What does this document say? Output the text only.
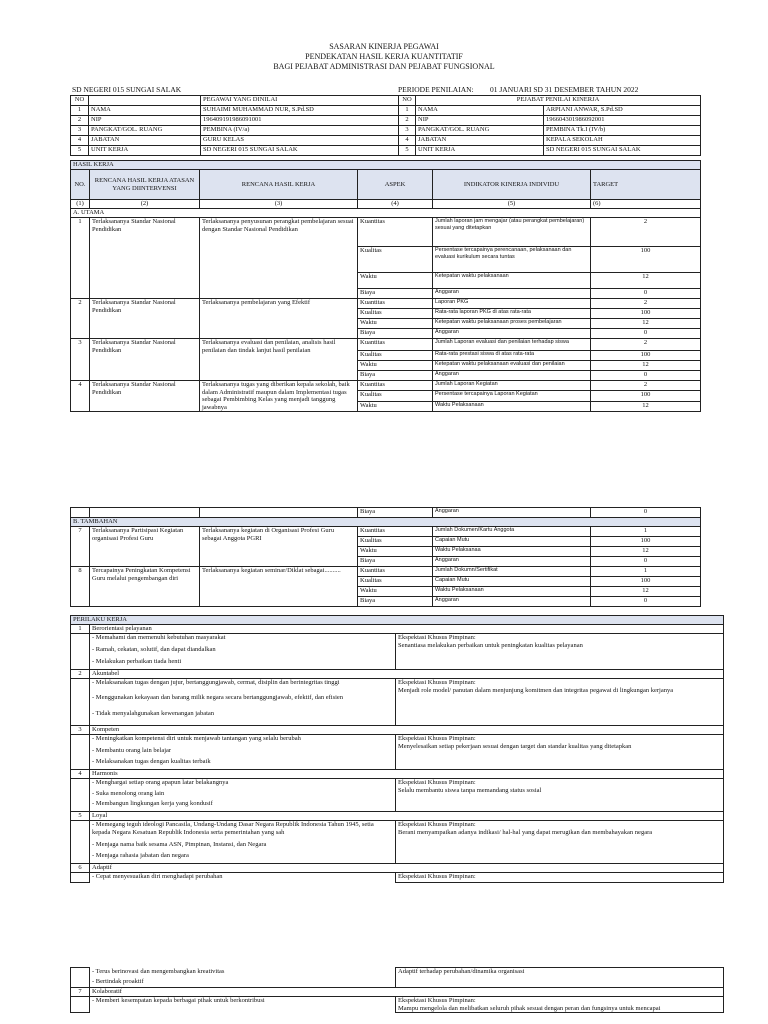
SASARAN KINERJA PEGAWAI
PENDEKATAN HASIL KERJA KUANTITATIF
BAGI PEJABAT ADMINISTRASI DAN PEJABAT FUNGSIONAL
SD NEGERI 015 SUNGAI SALAK	PERIODE PENILAIAN: 01 JANUARI SD 31 DESEMBER TAHUN 2022
NO		PEGAWAI YANG DINILAI	NO	PEJABAT PENILAI KINERJA	
1	NAMA	SUHAIMI MUHAMMAD NUR, S.Pd.SD	1	NAMA	ARPIANI ANWAR, S.Pd.SD
2	NIP	196409191986091001	2	NIP	196604301986092001
3	PANGKAT/GOL. RUANG	PEMBINA (IV/a)	3	PANGKAT/GOL. RUANG	PEMBINA Tk.I (IV/b)
4	JABATAN	GURU KELAS	4	JABATAN	KEPALA SEKOLAH
5	UNIT KERJA	SD NEGERI 015 SUNGAI SALAK	5	UNIT KERJA	SD NEGERI 015 SUNGAI SALAK
HASIL KERJA					
NO.	RENCANA HASIL KERJA ATASAN YANG DIINTERVENSI	RENCANA HASIL KERJA	ASPEK	INDIKATOR KINERJA INDIVIDU	TARGET
(1)	(2)	(3)	(4)	(5)	(6)
A. UTAMA					
1	Terlaksananya Standar Nasional Pendidikan	Terlaksananya penyusunan perangkat pembelajaran sesuai dengan Standar Nasional Pendidikan	Kuantitas	Jumlah laporan jam mengajar (atau perangkat pembelajaran) sesuai yang ditetapkan	2
			Kualitas	Persentase tercapainya perencanaan, pelaksanaan dan evaluasi kurikulum secara tuntas	100
			Waktu	Ketepatan waktu pelaksanaan	12
			Biaya	Anggaran	0
2	Terlaksananya Standar Nasional Pendidikan	Terlaksananya pembelajaran yang Efektif	Kuantitas	Laporan PKG	2
			Kualitas	Rata-rata laporan PKG di atas rata-rata	100
			Waktu	Ketepatan waktu pelaksanaan proses pembelajaran	12
			Biaya	Anggaran	0
3	Terlaksananya Standar Nasional Pendidikan	Terlaksananya evaluasi dan penilaian, analisis hasil penilaian dan tindak lanjut hasil penilaian	Kuantitas	Jumlah Laporan evaluasi dan penilaian terhadap siswa	2
			Kualitas	Rata-rata prestasi siswa di atas rata-rata	100
			Waktu	Ketepatan waktu pelaksanaan evaluasi dan penilaian	12
			Biaya	Anggaran	0
4	Terlaksananya Standar Nasional Pendidikan	Terlaksananya tugas yang diberikan kepala sekolah, baik dalam Administratif maupun dalam Implementasi tugas sebagai Pembimbing Kelas yang menjadi tanggung jawabnya	Kuantitas	Jumlah Laporan Kegiatan	2
			Kualitas	Persentase tercapainya Laporan Kegiatan	100
			Waktu	Waktu Pelaksanaan	12
			Biaya	Anggaran	0
B. TAMBAHAN					
7	Terlaksananya Partisipasi Kegiatan organisasi Profesi Guru	Terlaksananya kegiatan di Organisasi Profesi Guru sebagai Anggota PGRI	Kuantitas	Jumlah Dokumen/Kartu Anggota	1
			Kualitas	Capaian Mutu	100
			Waktu	Waktu Pelaksanaa	12
			Biaya	Anggaran	0
8	Tercapainya Peningkatan Kompetensi Guru melalui pengembangan diri	Terlaksananya kegiatan seminar/Diklat sebagai..........	Kuantitas	Jumlah Dokumn/Sertifikat	1
			Kualitas	Capaian Mutu	100
			Waktu	Waktu Pelaksanaan	12
			Biaya	Anggaran	0
PERILAKU KERJA		
1	Berorientasi pelayanan	
	- Memahami dan memenuhi kebutuhan masyarakat	Ekspektasi Khusus Pimpinan:
Senantiasa melakukan perbaikan untuk peningkatan kualitas pelayanan

	- Ramah, cekatan, solutif, dan dapat diandalkan	
	- Melakukan perbaikan tiada henti	
2	Akuntabel	
	- Melaksanakan tugas dengan jujur, bertanggungjawab, cermat, disiplin dan berintegritas tinggi	Ekspektasi Khusus Pimpinan:
Menjadi role model/ panutan dalam menjunjung komitmen dan integritas pegawai di lingkungan kerjanya

	- Menggunakan kekayaan dan barang milik negara secara bertanggungjawab, efektif, dan efisien	
	- Tidak menyalahgunakan kewenangan jabatan	
3	Kompeten	
	- Meningkatkan kompetensi diri untuk menjawab tantangan yang selalu berubah	Ekspektasi Khusus Pimpinan:
Menyelesaikan setiap pekerjaan sesuai dengan target dan standar kualitas yang ditetapkan

	- Membantu orang lain belajar	
	- Melaksanakan tugas dengan kualitas terbaik	
4	Harmonis	
	- Menghargai setiap orang apapun latar belakangnya	Ekspektasi Khusus Pimpinan:
Selalu membantu siswa tanpa memandang status sosial

	- Suka menolong orang lain	
	- Membangun lingkungan kerja yang kondusif	
5	Loyal	
	- Memegang teguh ideologi Pancasila, Undang-Undang Dasar Negara Republik Indonesia Tahun 1945, setia kepada Negara Kesatuan Republik Indonesia serta pemerintahan yang sah	Ekspektasi Khusus Pimpinan:
Berani menyampaikan adanya indikasi/ hal-hal yang dapat merugikan dan membahayakan negara

	- Menjaga nama baik sesama ASN, Pimpinan, Instansi, dan Negara	
	- Menjaga rahasia jabatan dan negara	
6	Adaptif	
	- Cepat menyesuaikan diri menghadapi perubahan	Ekspektasi Khusus Pimpinan:
	- Terus berinovasi dan mengembangkan kreativitas	Adaptif terhadap perubahan/dinamika organisasi
	- Bertindak proaktif	
7	Kolaboratif	
	- Memberi kesempatan kepada berbagai pihak untuk berkontribusi	Ekspektasi Khusus Pimpinan:
Mampu mengelola dan melibatkan seluruh pihak sesuai dengan peran dan fungsinya untuk mencapai
